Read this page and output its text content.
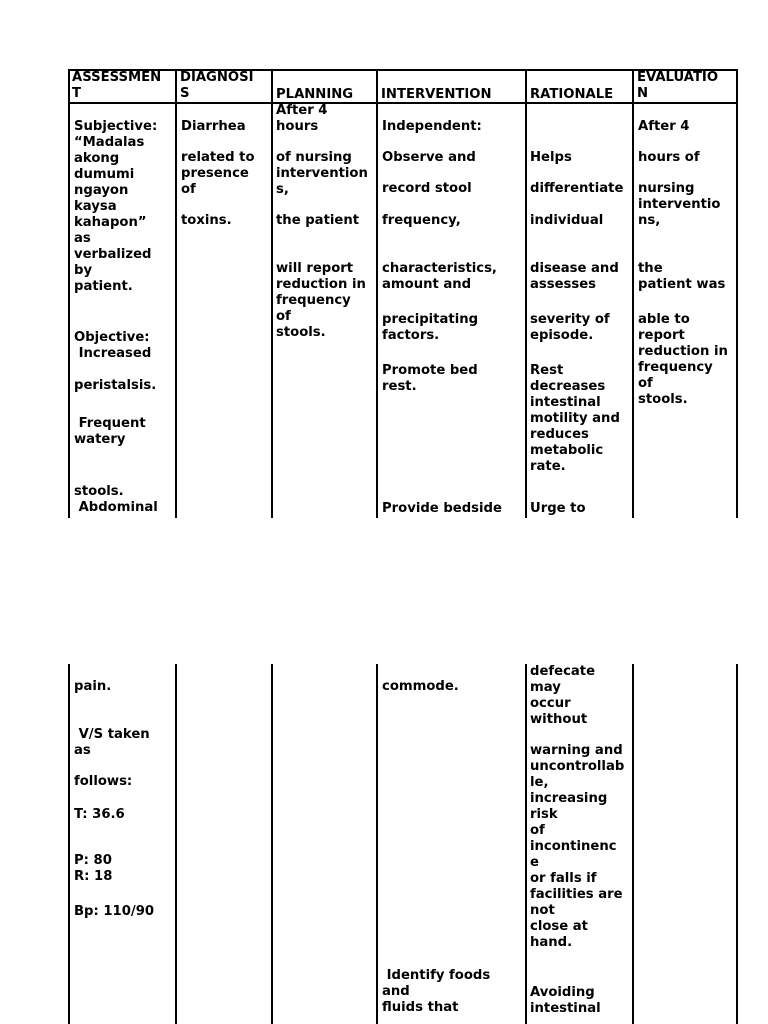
ASSESSMEN
T
DIAGNOSI
S	PLANNING INTERVENTION	RATIONALE
EVALUATIO
N
Subjective:
“Madalas
akong
dumumi
ngayon
kaysa
kahapon”
as
verbalized
by
patient.
Objective:
Increased
peristalsis.
Frequent
watery
stools.
Abdominal
Diarrhea
related to
presence
of
toxins.
After 4
hours
of nursing
intervention
s,
the patient
will report
reduction in
frequency
of
stools.
Independent:
Observe and
record stool
frequency,
characteristics,
amount and
precipitating
factors.
Promote bed
rest.
Provide bedside
Helps
differentiate
individual
disease and
assesses
severity of
episode.
Rest
decreases
intestinal
motility and
reduces
metabolic
rate.
Urge to
After 4
hours of
nursing
interventio
ns,
the
patient was
able to
report
reduction in
frequency
of
stools.
pain.
V/S taken
as
follows:
T: 36.6
P: 80
R: 18
Bp: 110/90
commode.
Identify foods
and
fluids that
defecate
may
occur
without
warning and
uncontrollab
le,
increasing
risk
of
incontinenc
e
or falls if
facilities are
not
close at
hand.
Avoiding
intestinal
